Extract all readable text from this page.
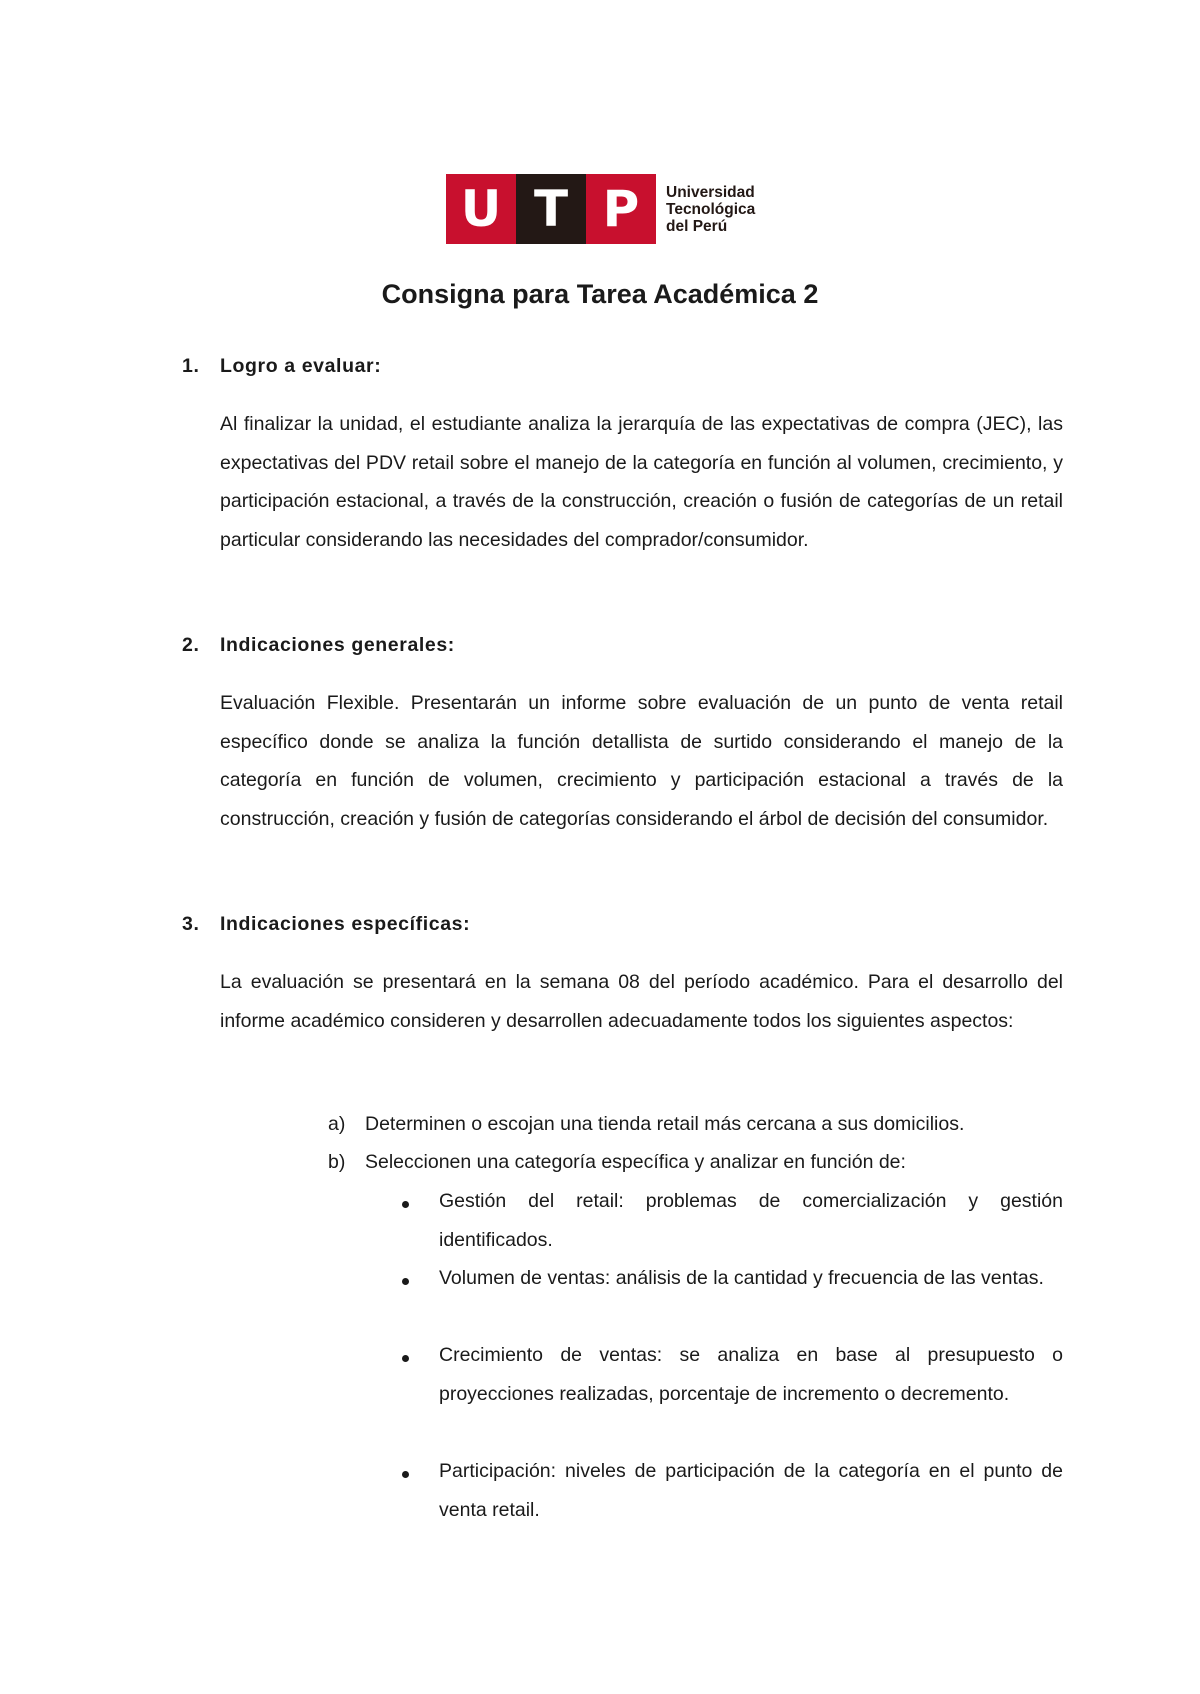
U T P	Universidad
Tecnológica
del Perú
Consigna para Tarea Académica 2
1. Logro a evaluar:

Al finalizar la unidad, el estudiante analiza la jerarquía de las expectativas de compra (JEC), las expectativas del PDV retail sobre el manejo de la categoría en función al volumen, crecimiento, y participación estacional, a través de la construcción, creación o fusión de categorías de un retail particular considerando las necesidades del comprador/consumidor.

2. Indicaciones generales:

Evaluación Flexible. Presentarán un informe sobre evaluación de un punto de venta retail específico donde se analiza la función detallista de surtido considerando el manejo de la categoría en función de volumen, crecimiento y participación estacional a través de la construcción, creación y fusión de categorías considerando el árbol de decisión del consumidor.

3. Indicaciones específicas:

La evaluación se presentará en la semana 08 del período académico. Para el desarrollo del informe académico consideren y desarrollen adecuadamente todos los siguientes aspectos:

a) Determinen o escojan una tienda retail más cercana a sus domicilios.
b) Seleccionen una categoría específica y analizar en función de:

Gestión del retail: problemas de comercialización y gestión identificados.

Volumen de ventas: análisis de la cantidad y frecuencia de las ventas.

Crecimiento de ventas: se analiza en base al presupuesto o proyecciones realizadas, porcentaje de incremento o decremento.

Participación: niveles de participación de la categoría en el punto de venta retail.
